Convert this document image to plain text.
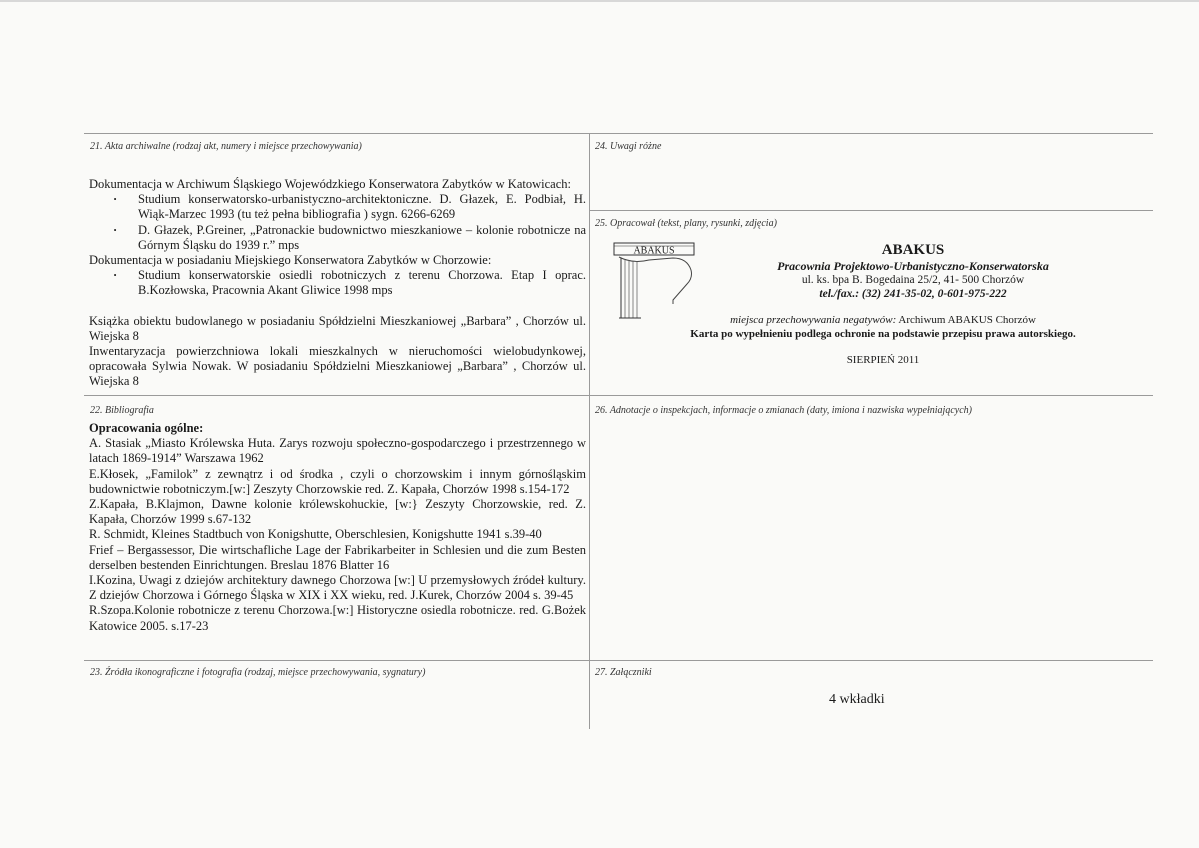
21. Akta archiwalne (rodzaj akt, numery i miejsce przechowywania)

Dokumentacja w Archiwum Śląskiego Wojewódzkiego Konserwatora Zabytków w Katowicach:

· Studium konserwatorsko-urbanistyczno-architektoniczne. D. Głazek, E. Podbiał, H. Wiąk-Marzec 1993 (tu też pełna bibliografia ) sygn. 6266-6269
· D. Głazek, P.Greiner, „Patronackie budownictwo mieszkaniowe – kolonie robotnicze na Górnym Śląsku do 1939 r.” mps

Dokumentacja w posiadaniu Miejskiego Konserwatora Zabytków w Chorzowie:

· Studium konserwatorskie osiedli robotniczych z terenu Chorzowa. Etap I oprac. B.Kozłowska, Pracownia Akant Gliwice 1998 mps

Książka obiektu budowlanego w posiadaniu Spółdzielni Mieszkaniowej „Barbara” , Chorzów ul. Wiejska 8

Inwentaryzacja powierzchniowa lokali mieszkalnych w nieruchomości wielobudynkowej, opracowała Sylwia Nowak. W posiadaniu Spółdzielni Mieszkaniowej „Barbara” , Chorzów ul. Wiejska 8

22. Bibliografia

Opracowania ogólne:

A. Stasiak „Miasto Królewska Huta. Zarys rozwoju społeczno-gospodarczego i przestrzennego w latach 1869-1914” Warszawa 1962

E.Kłosek, „Familok” z zewnątrz i od środka , czyli o chorzowskim i innym górnośląskim budownictwie robotniczym.[w:] Zeszyty Chorzowskie red. Z. Kapała, Chorzów 1998 s.154-172

Z.Kapała, B.Klajmon, Dawne kolonie królewskohuckie, [w:} Zeszyty Chorzowskie, red. Z. Kapała, Chorzów 1999 s.67-132

R. Schmidt, Kleines Stadtbuch von Konigshutte, Oberschlesien, Konigshutte 1941 s.39-40

Frief – Bergassessor, Die wirtschafliche Lage der Fabrikarbeiter in Schlesien und die zum Besten derselben bestenden Einrichtungen. Breslau 1876 Blatter 16

I.Kozina, Uwagi z dziejów architektury dawnego Chorzowa [w:] U przemysłowych źródeł kultury. Z dziejów Chorzowa i Górnego Śląska w XIX i XX wieku, red. J.Kurek, Chorzów 2004 s. 39-45

R.Szopa.Kolonie robotnicze z terenu Chorzowa.[w:] Historyczne osiedla robotnicze. red. G.Bożek Katowice 2005. s.17-23

23. Źródła ikonograficzne i fotografia (rodzaj, miejsce przechowywania, sygnatury)
24. Uwagi różne
25. Opracował (tekst, plany, rysunki, zdjęcia)
ABAKUS	ABAKUS
Pracownia Projektowo-Urbanistyczno-Konserwatorska
ul. ks. bpa B. Bogedaina 25/2, 41- 500 Chorzów
tel./fax.: (32) 241-35-02, 0-601-975-222
miejsca przechowywania negatywów: Archiwum ABAKUS Chorzów
Karta po wypełnieniu podlega ochronie na podstawie przepisu prawa autorskiego.
SIERPIEŃ 2011
26. Adnotacje o inspekcjach, informacje o zmianach (daty, imiona i nazwiska wypełniających)
27. Załączniki
4 wkładki
